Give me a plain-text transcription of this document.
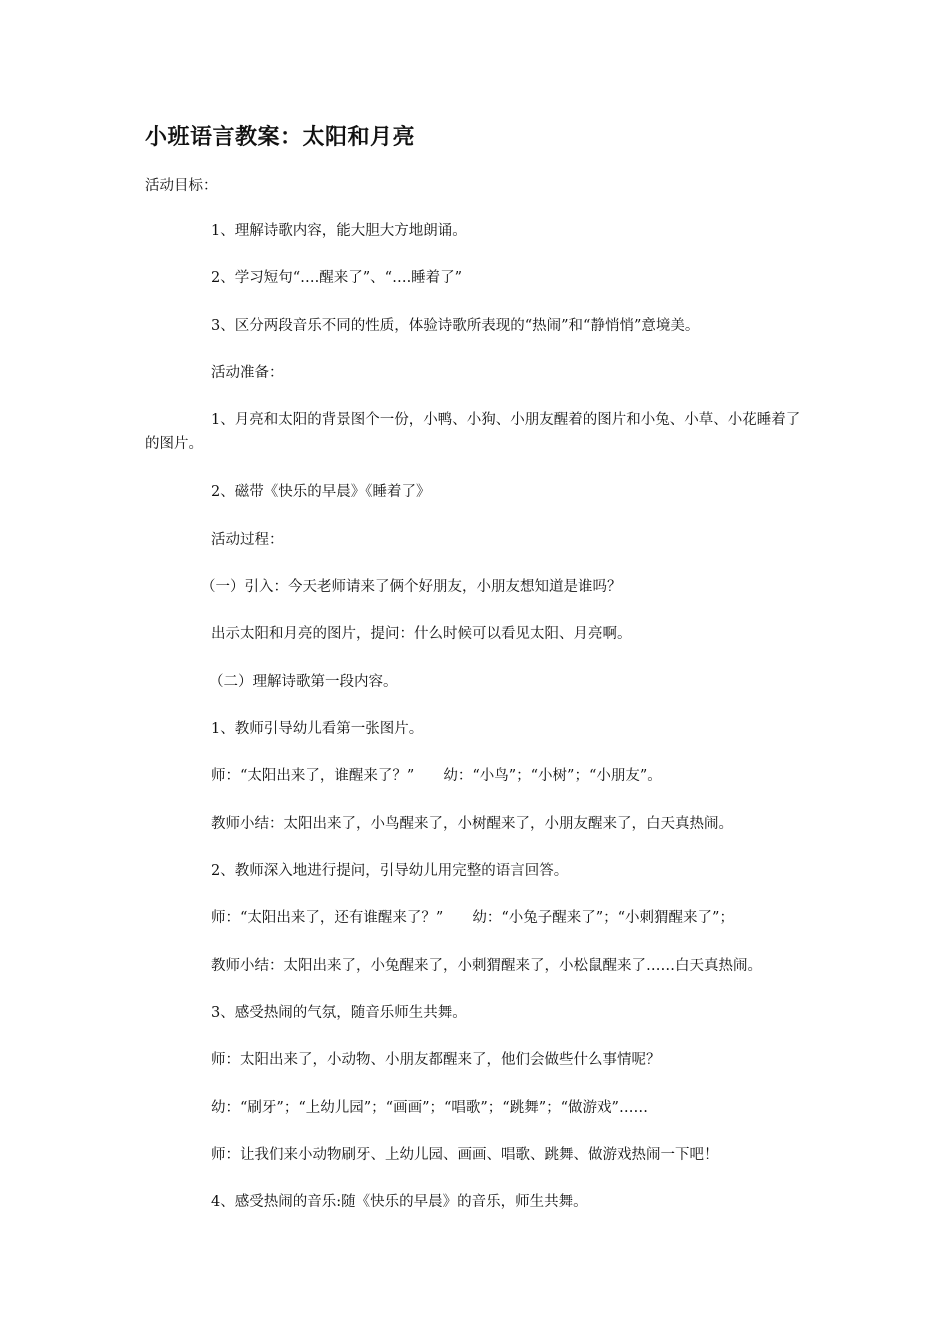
小班语言教案：太阳和月亮
活动目标：
1、理解诗歌内容，能大胆大方地朗诵。
2、学习短句“….醒来了”、“….睡着了”
3、区分两段音乐不同的性质，体验诗歌所表现的“热闹”和“静悄悄”意境美。
活动准备：
1、月亮和太阳的背景图个一份，小鸭、小狗、小朋友醒着的图片和小兔、小草、小花睡着了的图片。
2、磁带《快乐的早晨》《睡着了》
活动过程：
（一）引入：今天老师请来了俩个好朋友，小朋友想知道是谁吗？
出示太阳和月亮的图片，提问：什么时候可以看见太阳、月亮啊。
（二）理解诗歌第一段内容。
1、教师引导幼儿看第一张图片。
师：“太阳出来了，谁醒来了？”　　幼：“小鸟”；“小树”；“小朋友”。
教师小结：太阳出来了，小鸟醒来了，小树醒来了，小朋友醒来了，白天真热闹。
2、教师深入地进行提问，引导幼儿用完整的语言回答。
师：“太阳出来了，还有谁醒来了？”　　幼：“小兔子醒来了”；“小刺猬醒来了”；
教师小结：太阳出来了，小兔醒来了，小刺猬醒来了，小松鼠醒来了……白天真热闹。
3、感受热闹的气氛，随音乐师生共舞。
师：太阳出来了，小动物、小朋友都醒来了，他们会做些什么事情呢？
幼：“刷牙”；“上幼儿园”；“画画”；“唱歌”；“跳舞”；“做游戏”……
师：让我们来小动物刷牙、上幼儿园、画画、唱歌、跳舞、做游戏热闹一下吧！
4、感受热闹的音乐:随《快乐的早晨》的音乐，师生共舞。
